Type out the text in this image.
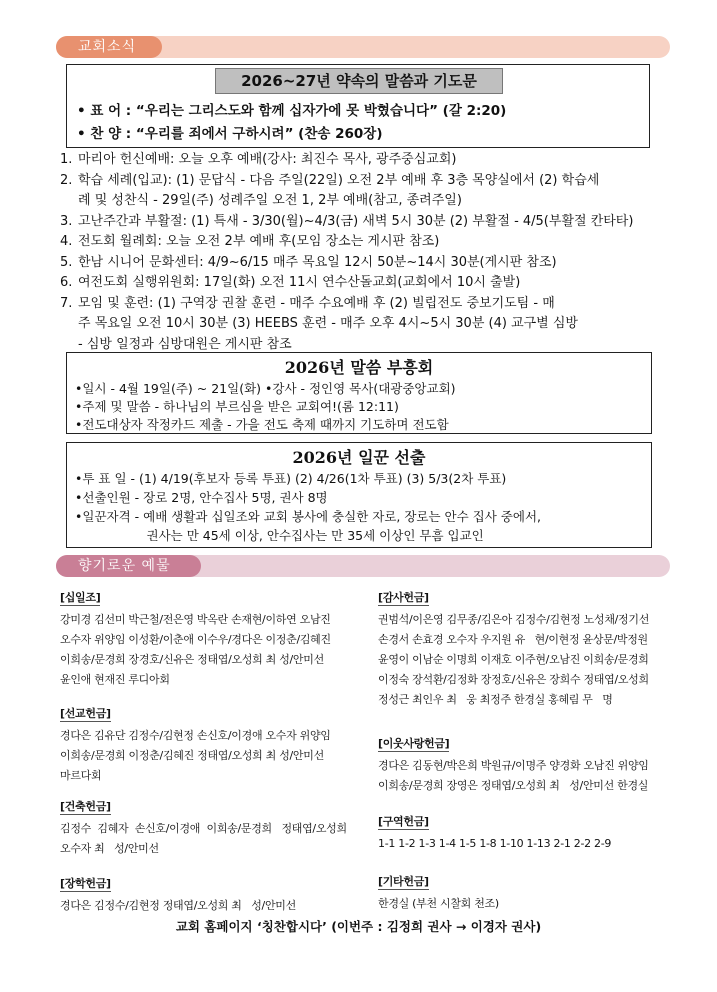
교회소식
2026~27년 약속의 말씀과 기도문
• 표 어 : “우리는 그리스도와 함께 십자가에 못 박혔습니다” (갈 2:20)
• 찬 양 : “우리를 죄에서 구하시려” (찬송 260장)
1. 마리아 헌신예배: 오늘 오후 예배(강사: 최진수 목사, 광주중심교회)
2. 학습 세례(입교): (1) 문답식 - 다음 주일(22일) 오전 2부 예배 후 3층 목양실에서 (2) 학습세
례 및 성찬식 - 29일(주) 성례주일 오전 1, 2부 예배(참고, 종려주일)
3. 고난주간과 부활절: (1) 특새 - 3/30(월)~4/3(금) 새벽 5시 30분 (2) 부활절 - 4/5(부활절 칸타타)
4. 전도회 월례회: 오늘 오전 2부 예배 후(모임 장소는 게시판 참조)
5. 한남 시니어 문화센터: 4/9~6/15 매주 목요일 12시 50분~14시 30분(게시판 참조)
6. 여전도회 실행위원회: 17일(화) 오전 11시 연수산돌교회(교회에서 10시 출발)
7. 모임 및 훈련: (1) 구역장 권찰 훈련 - 매주 수요예배 후 (2) 빌립전도 중보기도팀 - 매
주 목요일 오전 10시 30분 (3) HEEBS 훈련 - 매주 오후 4시~5시 30분 (4) 교구별 심방
- 심방 일정과 심방대원은 게시판 참조
2026년 말씀 부흥회
•일시 - 4월 19일(주) ~ 21일(화) •강사 - 정인영 목사(대광중앙교회)
•주제 및 말씀 - 하나님의 부르심을 받은 교회여!(롬 12:11)
•전도대상자 작정카드 제출 - 가을 전도 축제 때까지 기도하며 전도함
2026년 일꾼 선출
•투 표 일 - (1) 4/19(후보자 등록 투표) (2) 4/26(1차 투표) (3) 5/3(2차 투표)
•선출인원 - 장로 2명, 안수집사 5명, 권사 8명
•일꾼자격 - 예배 생활과 십일조와 교회 봉사에 충실한 자로, 장로는 안수 집사 중에서,
권사는 만 45세 이상, 안수집사는 만 35세 이상인 무흠 입교인
향기로운 예물
[십일조]
강미경 김선미 박근철/전은영 박옥란 손재현/이하연 오남진
오수자 위양임 이성환/이춘애 이수우/경다은 이정춘/김혜진
이희송/문경희 장경호/신유은 정태엽/오성희 최 성/안미선
윤인애 현재진 루디아회
[선교헌금]
경다은 김유단 김정수/김현정 손신호/이경애 오수자 위양임
이희송/문경희 이정춘/김혜진 정태엽/오성희 최 성/안미선
마르다회
[건축헌금]
김정수  김혜자  손신호/이경애  이희송/문경희   정태엽/오성희
오수자 최   성/안미선
[장학헌금]
경다은 김정수/김현정 정태엽/오성희 최   성/안미선
[감사헌금]
권범석/이은영 김무종/김은아 김정수/김현정 노성채/정기선
손경서 손효경 오수자 우지원 유   현/이현정 윤상문/박정원
윤영이 이남순 이명희 이재호 이주현/오남진 이희송/문경희
이정숙 장석환/김정화 장정호/신유은 장희수 정태엽/오성희
정성근 최인우 최   웅 최정주 한경실 홍혜림 무   명
[이웃사랑헌금]
경다은 김동현/박은희 박원규/이명주 양경화 오남진 위양임
이희송/문경희 장영은 정태엽/오성희 최   성/안미선 한경실
[구역헌금]
1-1 1-2 1-3 1-4 1-5 1-8 1-10 1-13 2-1 2-2 2-9
[기타헌금]
한경실 (부천 시찰회 천조)
교회 홈페이지 ‘칭찬합시다’ (이번주 : 김정희 권사 → 이경자 권사)
